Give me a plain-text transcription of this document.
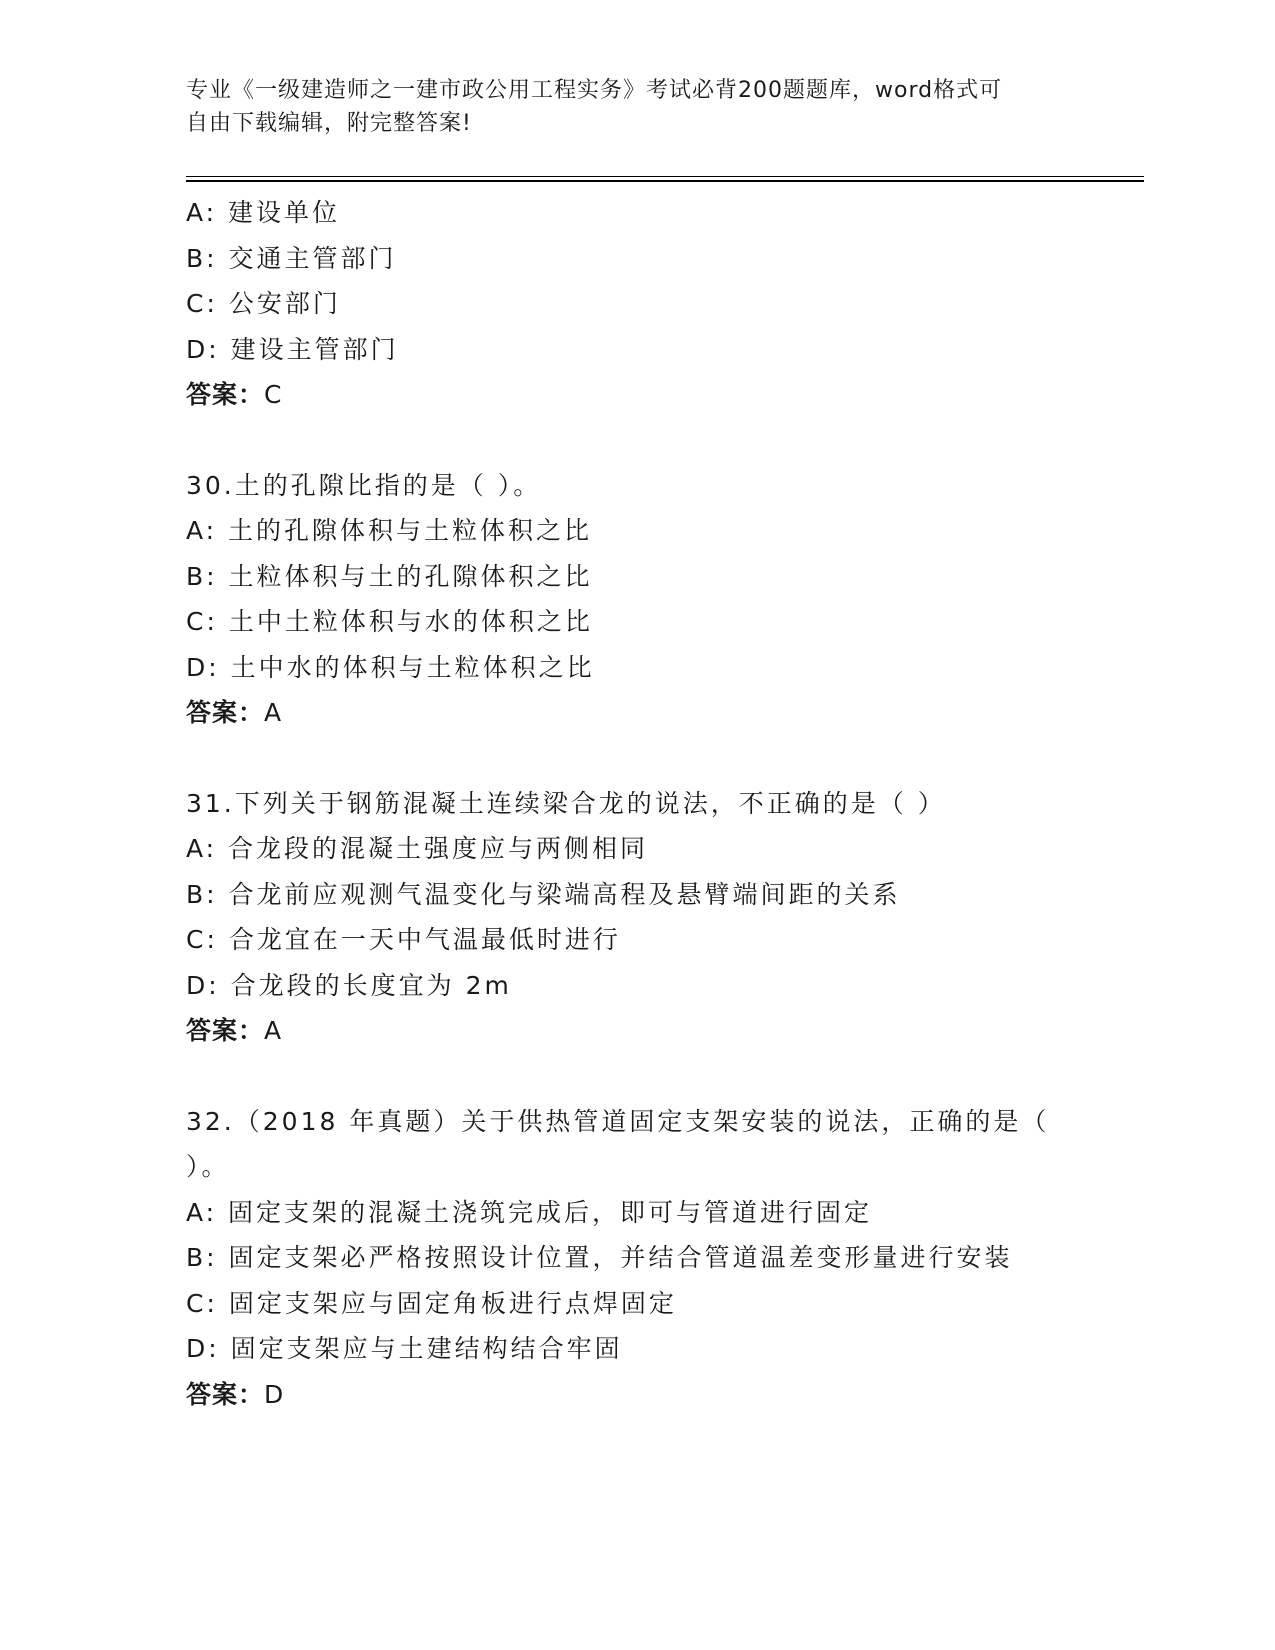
专业《一级建造师之一建市政公用工程实务》考试必背200题题库，word格式可
自由下载编辑，附完整答案!
A: 建设单位
B: 交通主管部门
C: 公安部门
D: 建设主管部门
答案：C
30.土的孔隙比指的是（ ）。
A: 土的孔隙体积与土粒体积之比
B: 土粒体积与土的孔隙体积之比
C: 土中土粒体积与水的体积之比
D: 土中水的体积与土粒体积之比
答案：A
31.下列关于钢筋混凝土连续梁合龙的说法，不正确的是（ ）
A: 合龙段的混凝土强度应与两侧相同
B: 合龙前应观测气温变化与梁端高程及悬臂端间距的关系
C: 合龙宜在一天中气温最低时进行
D: 合龙段的长度宜为 2m
答案：A
32.（2018 年真题）关于供热管道固定支架安装的说法，正确的是（
）。
A: 固定支架的混凝土浇筑完成后，即可与管道进行固定
B: 固定支架必严格按照设计位置，并结合管道温差变形量进行安装
C: 固定支架应与固定角板进行点焊固定
D: 固定支架应与土建结构结合牢固
答案：D
